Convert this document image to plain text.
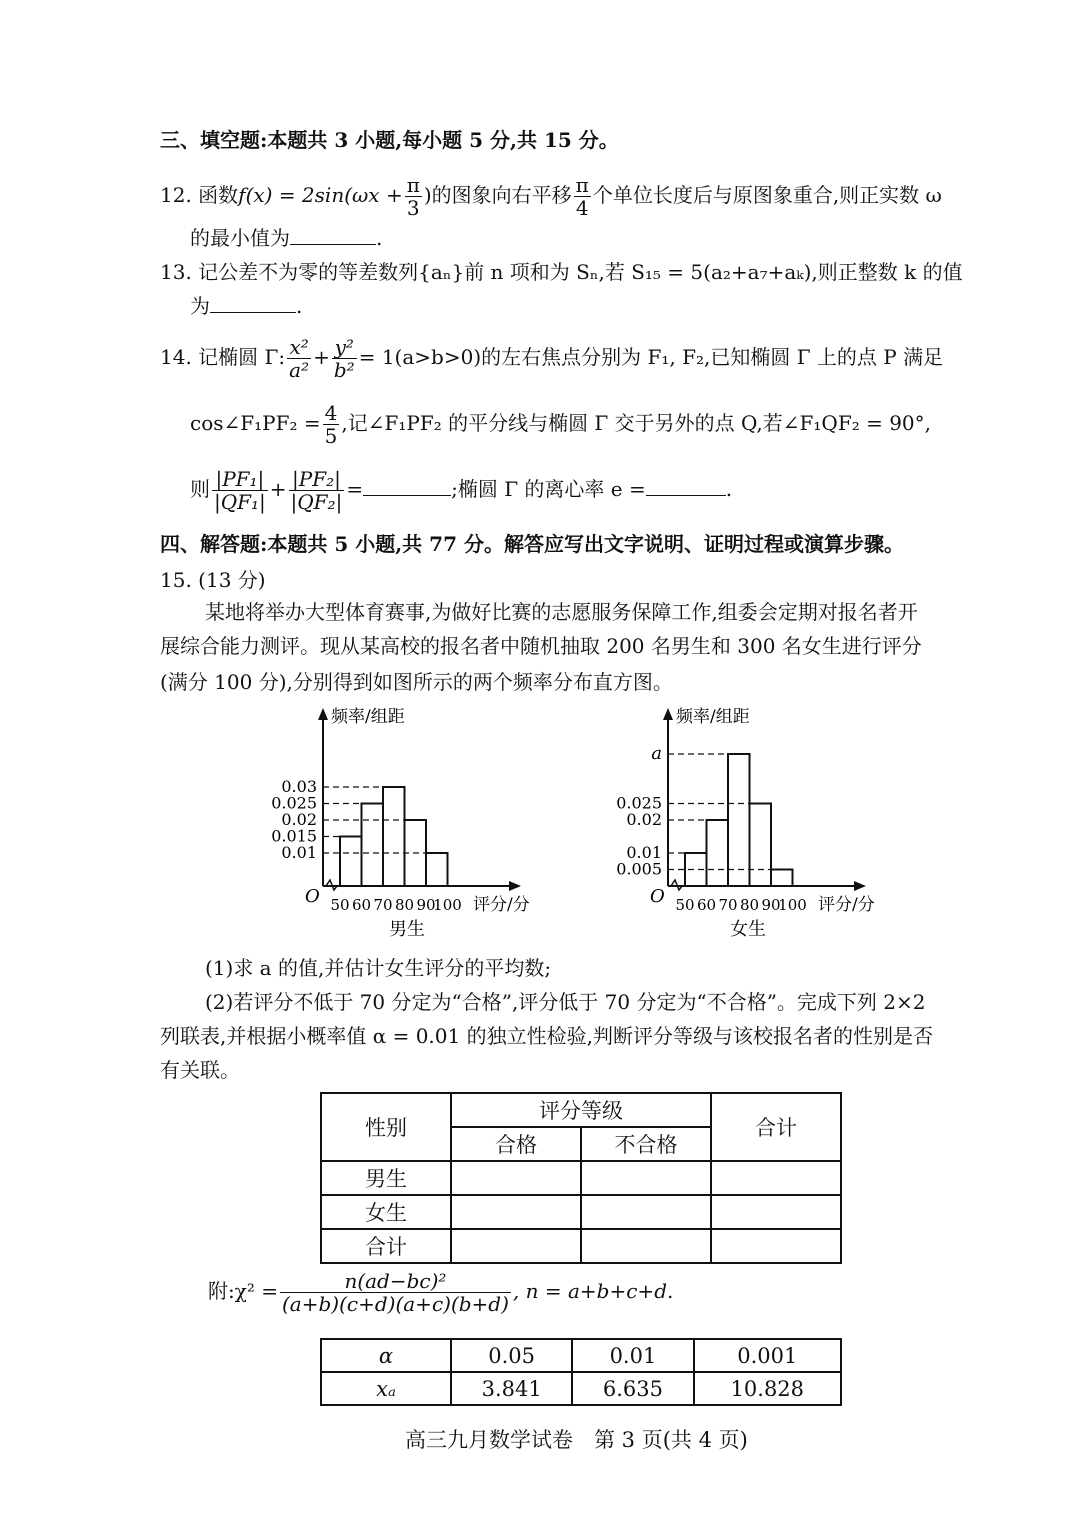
三、填空题:本题共 3 小题,每小题 5 分,共 15 分。
12. 函数$f(x) = 2\sin(\omega x + \frac{\pi}{3}$ )的图象向右平移 $\frac{\pi}{4}$ 个单位长度后与原图象重合,则正实数 ω
的最小值为	.
13. 记公差不为零的等差数列{aₙ}前 n 项和为 Sₙ,若 S₁₅ = 5(a₂+a₇+aₖ),则正整数 k 的值
为	.
14. 记椭圆 Γ: $\frac{\text{x²}}{\text{a²}} + \frac{\text{y²}}{\text{b²}} = 1(a>b>0)$的左右焦点分别为 F₁, F₂,已知椭圆 Γ 上的点 P 满足
cos∠F₁PF₂ = $\frac{4}{5}$ ,记∠F₁PF₂ 的平分线与椭圆 Γ 交于另外的点 Q,若∠F₁QF₂ = 90°,
则 $\frac{\text{|PF₁|}}{\text{|QF₁|}} + \frac{\text{|PF₂|}}{\text{|QF₂|}}$ =	;椭圆 Γ 的离心率 e =	.
四、解答题:本题共 5 小题,共 77 分。解答应写出文字说明、证明过程或演算步骤。
15. (13 分)
某地将举办大型体育赛事,为做好比赛的志愿服务保障工作,组委会定期对报名者开
展综合能力测评。现从某高校的报名者中随机抽取 200 名男生和 300 名女生进行评分
(满分 100 分),分别得到如图所示的两个频率分布直方图。
频率/组距
O
0.01
0.015
0.02
0.025
0.03
50 60 70 80 90
100 评分/分
男生
频率/组距
O
0.005
0.01
0.02
0.025
a
50 60 70 80 90
100 评分/分
女生
(1)求 a 的值,并估计女生评分的平均数;
(2)若评分不低于 70 分定为“合格”,评分低于 70 分定为“不合格”。完成下列 2×2
列联表,并根据小概率值 α = 0.01 的独立性检验,判断评分等级与该校报名者的性别是否
有关联。
性别	评分等级		合计
	合格	不合格	
男生			
女生			
合计			
附:χ² = $\frac{\text{n(ad−bc)²}}{(a+b)(c+d)(a+c)(b+d)}$ , n = a+b+c+d.
α	0.05	0.01	0.001
xₐ	3.841	6.635	10.828
高三九月数学试卷　第 3 页(共 4 页)
